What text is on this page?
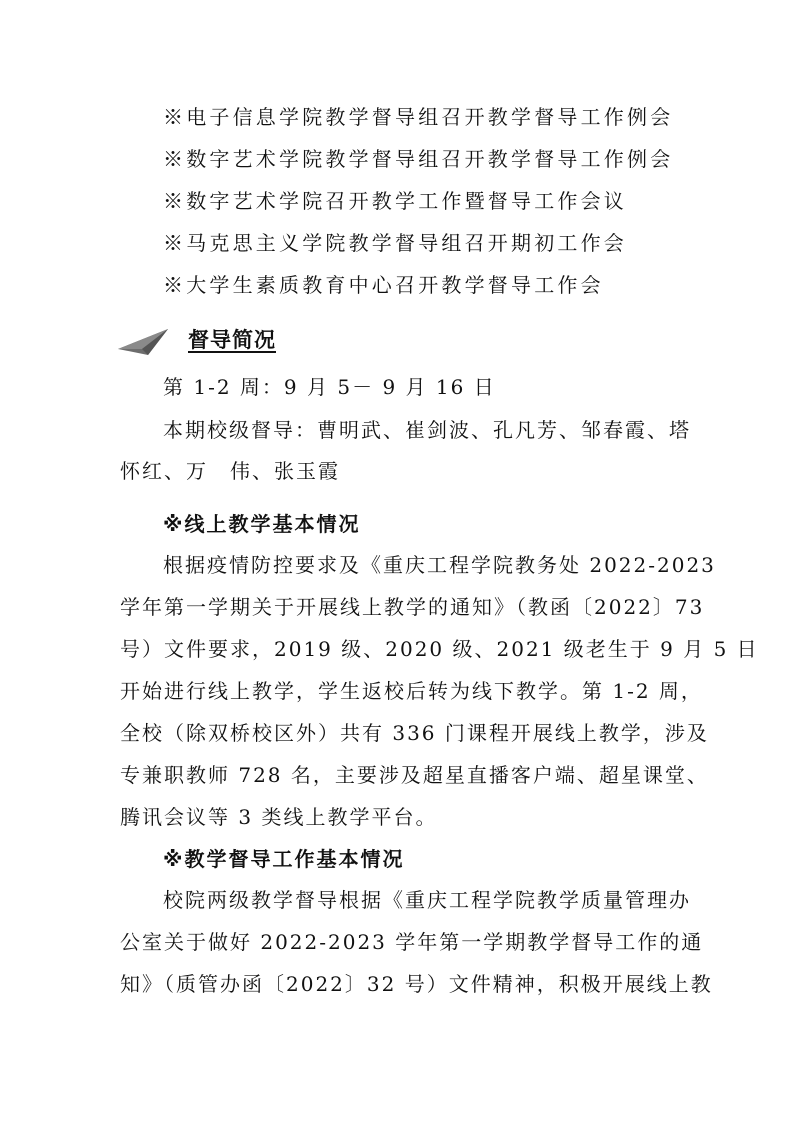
※电子信息学院教学督导组召开教学督导工作例会
※数字艺术学院教学督导组召开教学督导工作例会
※数字艺术学院召开教学工作暨督导工作会议
※马克思主义学院教学督导组召开期初工作会
※大学生素质教育中心召开教学督导工作会
督导简况
第 1-2 周：9 月 5－ 9 月 16 日
本期校级督导：曹明武、崔剑波、孔凡芳、邹春霞、塔
怀红、万　伟、张玉霞
※线上教学基本情况
根据疫情防控要求及《重庆工程学院教务处 2022-2023
学年第一学期关于开展线上教学的通知》（教函〔2022〕73
号）文件要求，2019 级、2020 级、2021 级老生于 9 月 5 日
开始进行线上教学，学生返校后转为线下教学。第 1-2 周，
全校（除双桥校区外）共有 336 门课程开展线上教学，涉及
专兼职教师 728 名，主要涉及超星直播客户端、超星课堂、
腾讯会议等 3 类线上教学平台。
※教学督导工作基本情况
校院两级教学督导根据《重庆工程学院教学质量管理办
公室关于做好 2022-2023 学年第一学期教学督导工作的通
知》（质管办函〔2022〕32 号）文件精神，积极开展线上教
